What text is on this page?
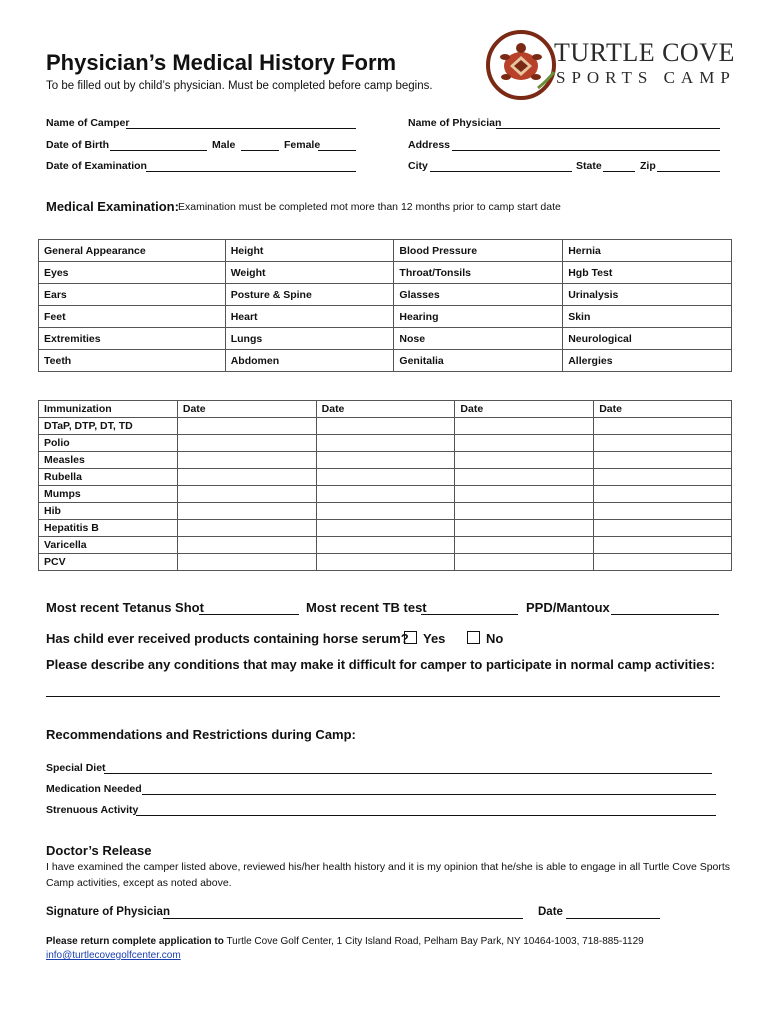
Physician’s Medical History Form
To be filled out by child’s physician. Must be completed before camp begins.
TURTLE COVE
SPORTS CAMP
Name of Camper	Name of Physician
Date of Birth	Male	Female	Address
Date of Examination	City	State	Zip
Medical Examination: Examination must be completed mot more than 12 months prior to camp start date
General Appearance	Height	Blood Pressure	Hernia
Eyes	Weight	Throat/Tonsils	Hgb Test
Ears	Posture & Spine	Glasses	Urinalysis
Feet	Heart	Hearing	Skin
Extremities	Lungs	Nose	Neurological
Teeth	Abdomen	Genitalia	Allergies
Immunization	Date	Date	Date	Date
DTaP, DTP, DT, TD				
Polio				
Measles				
Rubella				
Mumps				
Hib				
Hepatitis B				
Varicella				
PCV				
Most recent Tetanus Shot	Most recent TB test	PPD/Mantoux
Has child ever received products containing horse serum?	Yes	No
Please describe any conditions that may make it difficult for camper to participate in normal camp activities:
Recommendations and Restrictions during Camp:
Special Diet
Medication Needed
Strenuous Activity
Doctor’s Release
I have examined the camper listed above, reviewed his/her health history and it is my opinion that he/she is able to engage in all Turtle Cove Sports Camp activities, except as noted above.
Signature of Physician	Date
Please return complete application to Turtle Cove Golf Center, 1 City Island Road, Pelham Bay Park, NY 10464-1003, 718-885-1129
info@turtlecovegolfcenter.com
